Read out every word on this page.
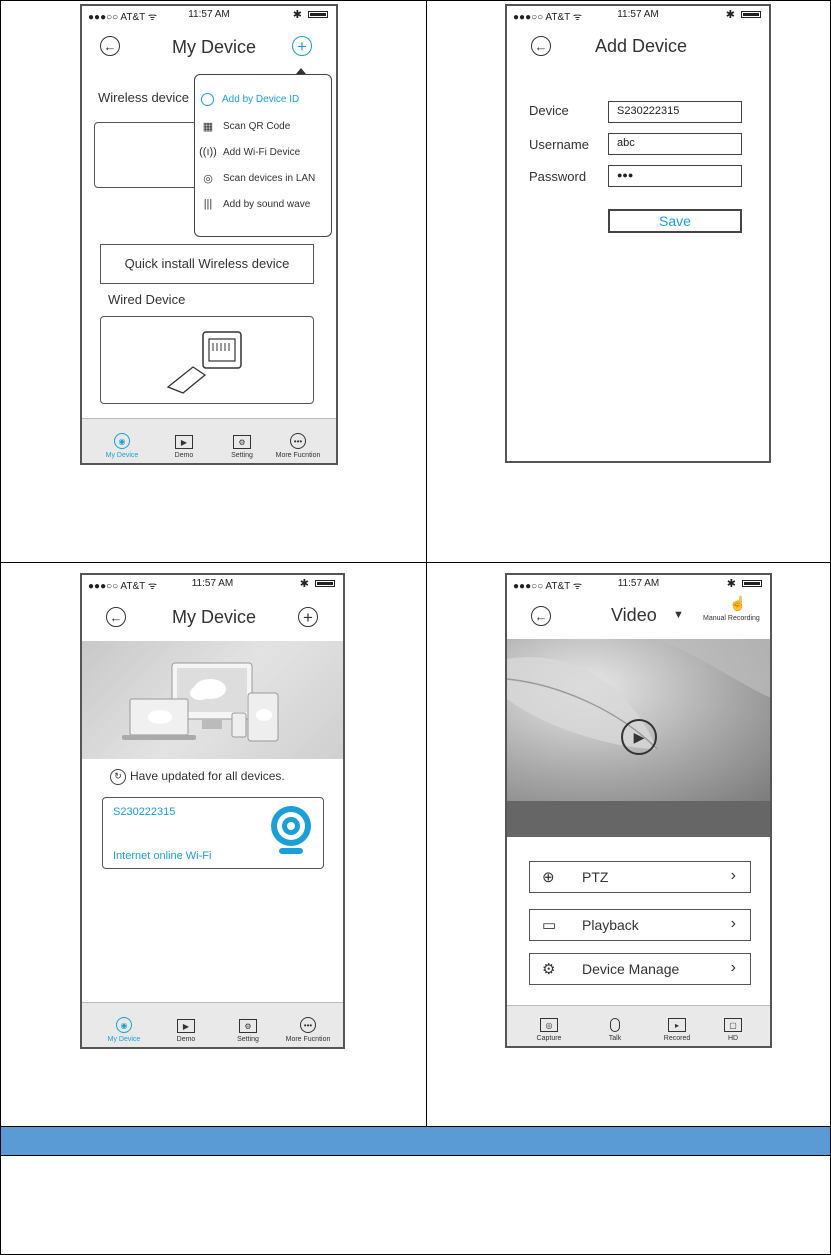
●●●○○ AT&T ᯤ	11:57 AM	✱
←	My Device +
Wireless device	Add by Device ID
▦ Scan QR Code
((ı)) Add Wi-Fi Device
◎ Scan devices in LAN
||| Add by sound wave
Quick install Wireless device
Wired Device
◉
My Device
▶
Demo
⚙
Setting
•••
More Fucntion
●●●○○ AT&T ᯤ	11:57 AM	✱
←	Add Device
Device	S230222315
Username	abc
Password	●●●
Save
●●●○○ AT&T ᯤ	11:57 AM	✱
←	My Device	+
↻ Have updated for all devices.
S230222315
Internet online Wi-Fi
◉
My Device
▶
Demo
⚙
Setting
•••
More Fucntion
●●●○○ AT&T ᯤ	11:57 AM	✱
←	Video ▼
☝
Manual Recording
▶
⊕ PTZ	›
▭ Playback	›
⚙ Device Manage	›
◎
Capture
	Talk
▸
Recored
▢
HD
